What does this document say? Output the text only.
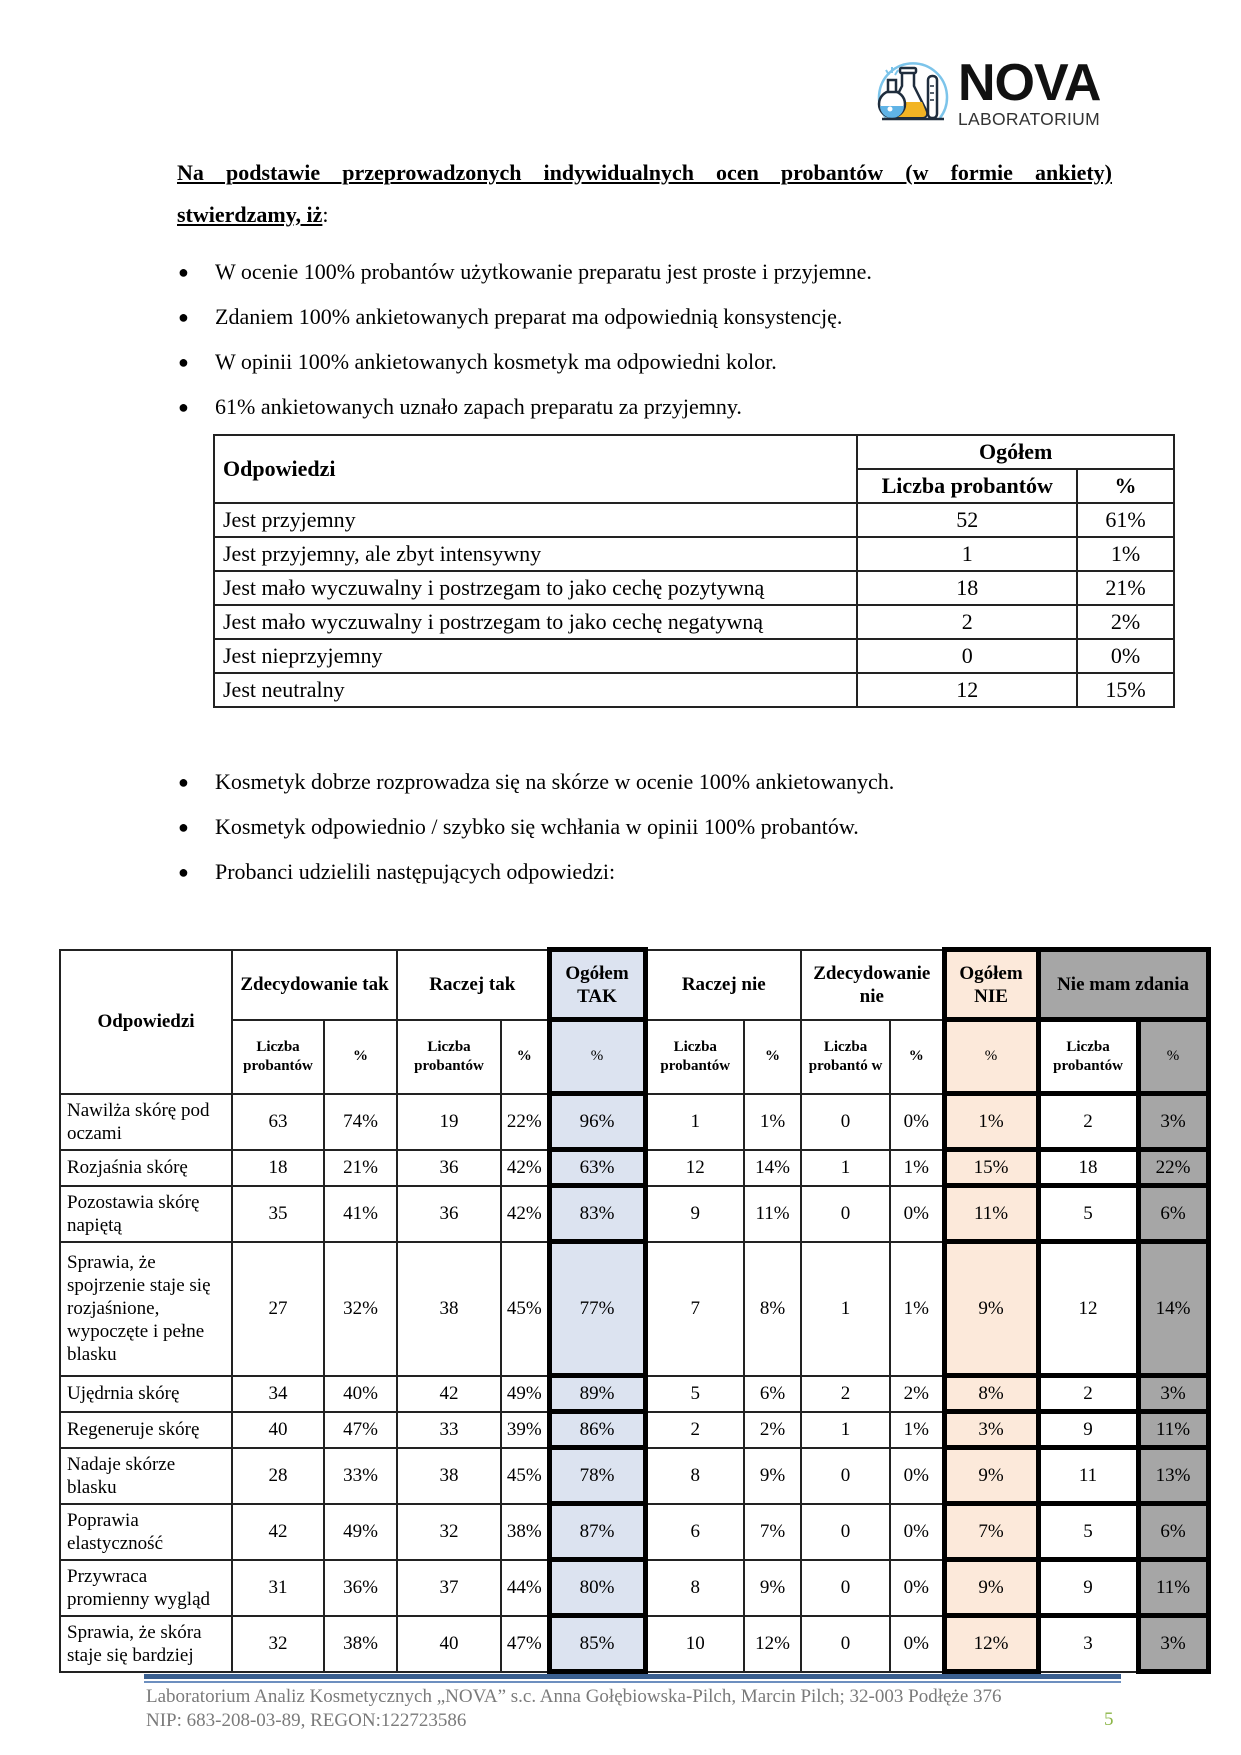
NOVA
LABORATORIUM
Na podstawie przeprowadzonych indywidualnych ocen probantów (w formie ankiety)
stwierdzamy, iż:
● W ocenie 100% probantów użytkowanie preparatu jest proste i przyjemne.
● Zdaniem 100% ankietowanych preparat ma odpowiednią konsystencję.
● W opinii 100% ankietowanych kosmetyk ma odpowiedni kolor.
● 61% ankietowanych uznało zapach preparatu za przyjemny.
Odpowiedzi	Ogółem	
	Liczba probantów	%
Jest przyjemny	52	61%
Jest przyjemny, ale zbyt intensywny	1	1%
Jest mało wyczuwalny i postrzegam to jako cechę pozytywną	18	21%
Jest mało wyczuwalny i postrzegam to jako cechę negatywną	2	2%
Jest nieprzyjemny	0	0%
Jest neutralny	12	15%
● Kosmetyk dobrze rozprowadza się na skórze w ocenie 100% ankietowanych.
● Kosmetyk odpowiednio / szybko się wchłania w opinii 100% probantów.
● Probanci udzielili następujących odpowiedzi:
Odpowiedzi	Zdecydowanie tak		Raczej tak		Ogółem TAK	Raczej nie		Zdecydowanie nie		Ogółem NIE	Nie mam zdania	
	Liczba probantów	%	Liczba probantów	%	%	Liczba probantów	%	Liczba probantó w	%	%	Liczba probantów	%
Nawilża skórę pod oczami	63	74%	19	22%	96%	1	1%	0	0%	1%	2	3%
Rozjaśnia skórę	18	21%	36	42%	63%	12	14%	1	1%	15%	18	22%
Pozostawia skórę napiętą	35	41%	36	42%	83%	9	11%	0	0%	11%	5	6%
Sprawia, że spojrzenie staje się rozjaśnione, wypoczęte i pełne blasku	27	32%	38	45%	77%	7	8%	1	1%	9%	12	14%
Ujędrnia skórę	34	40%	42	49%	89%	5	6%	2	2%	8%	2	3%
Regeneruje skórę	40	47%	33	39%	86%	2	2%	1	1%	3%	9	11%
Nadaje skórze blasku	28	33%	38	45%	78%	8	9%	0	0%	9%	11	13%
Poprawia elastyczność	42	49%	32	38%	87%	6	7%	0	0%	7%	5	6%
Przywraca promienny wygląd	31	36%	37	44%	80%	8	9%	0	0%	9%	9	11%
Sprawia, że skóra staje się bardziej	32	38%	40	47%	85%	10	12%	0	0%	12%	3	3%
Laboratorium Analiz Kosmetycznych „NOVA” s.c. Anna Gołębiowska-Pilch, Marcin Pilch; 32-003 Podłęże 376
NIP: 683-208-03-89, REGON:122723586	5
